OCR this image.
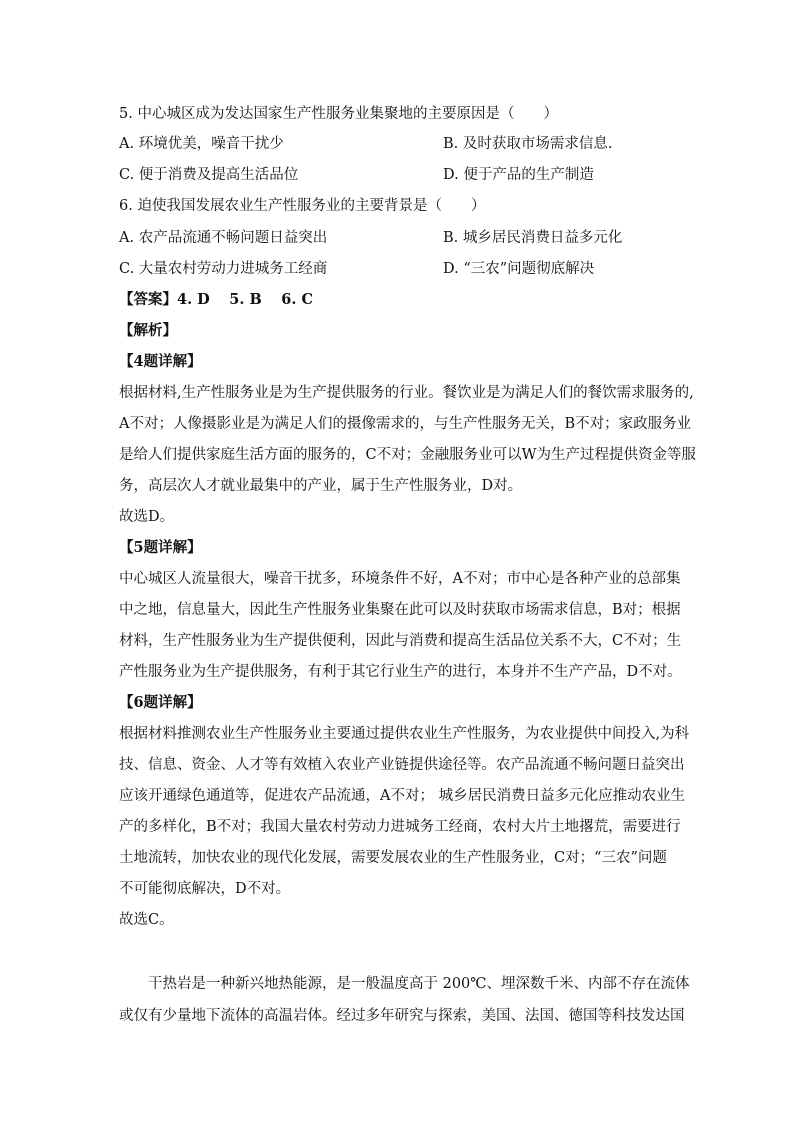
5. 中心城区成为发达国家生产性服务业集聚地的主要原因是（　　）
A. 环境优美，噪音干扰少	B. 及时获取市场需求信息.
C. 便于消费及提高生活品位	D. 便于产品的生产制造
6. 迫使我国发展农业生产性服务业的主要背景是（　　）
A. 农产品流通不畅问题日益突出	B. 城乡居民消费日益多元化
C. 大量农村劳动力进城务工经商	D. “三农”问题彻底解决
【答案】4. D　 5. B　 6. C
【解析】
【4题详解】
根据材料,生产性服务业是为生产提供服务的行业。餐饮业是为满足人们的餐饮需求服务的,
A不对；人像摄影业是为满足人们的摄像需求的，与生产性服务无关，B不对；家政服务业
是给人们提供家庭生活方面的服务的，C不对；金融服务业可以W为生产过程提供资金等服
务，高层次人才就业最集中的产业，属于生产性服务业，D对。
故选D。
【5题详解】
中心城区人流量很大，噪音干扰多，环境条件不好，A不对；市中心是各种产业的总部集
中之地，信息量大，因此生产性服务业集聚在此可以及时获取市场需求信息，B对；根据
材料，生产性服务业为生产提供便利，因此与消费和提高生活品位关系不大，C不对；生
产性服务业为生产提供服务，有利于其它行业生产的进行，本身并不生产产品，D不对。
【6题详解】
根据材料推测农业生产性服务业主要通过提供农业生产性服务，为农业提供中间投入,为科
技、信息、资金、人才等有效植入农业产业链提供途径等。农产品流通不畅问题日益突出
应该开通绿色通道等，促进农产品流通，A不对； 城乡居民消费日益多元化应推动农业生
产的多样化，B不对；我国大量农村劳动力进城务工经商，农村大片土地撂荒，需要进行
土地流转，加快农业的现代化发展，需要发展农业的生产性服务业，C对；“三农”问题
不可能彻底解决，D不对。
故选C。
　　干热岩是一种新兴地热能源，是一般温度高于 200℃、埋深数千米、内部不存在流体
或仅有少量地下流体的高温岩体。经过多年研究与探索，美国、法国、德国等科技发达国
